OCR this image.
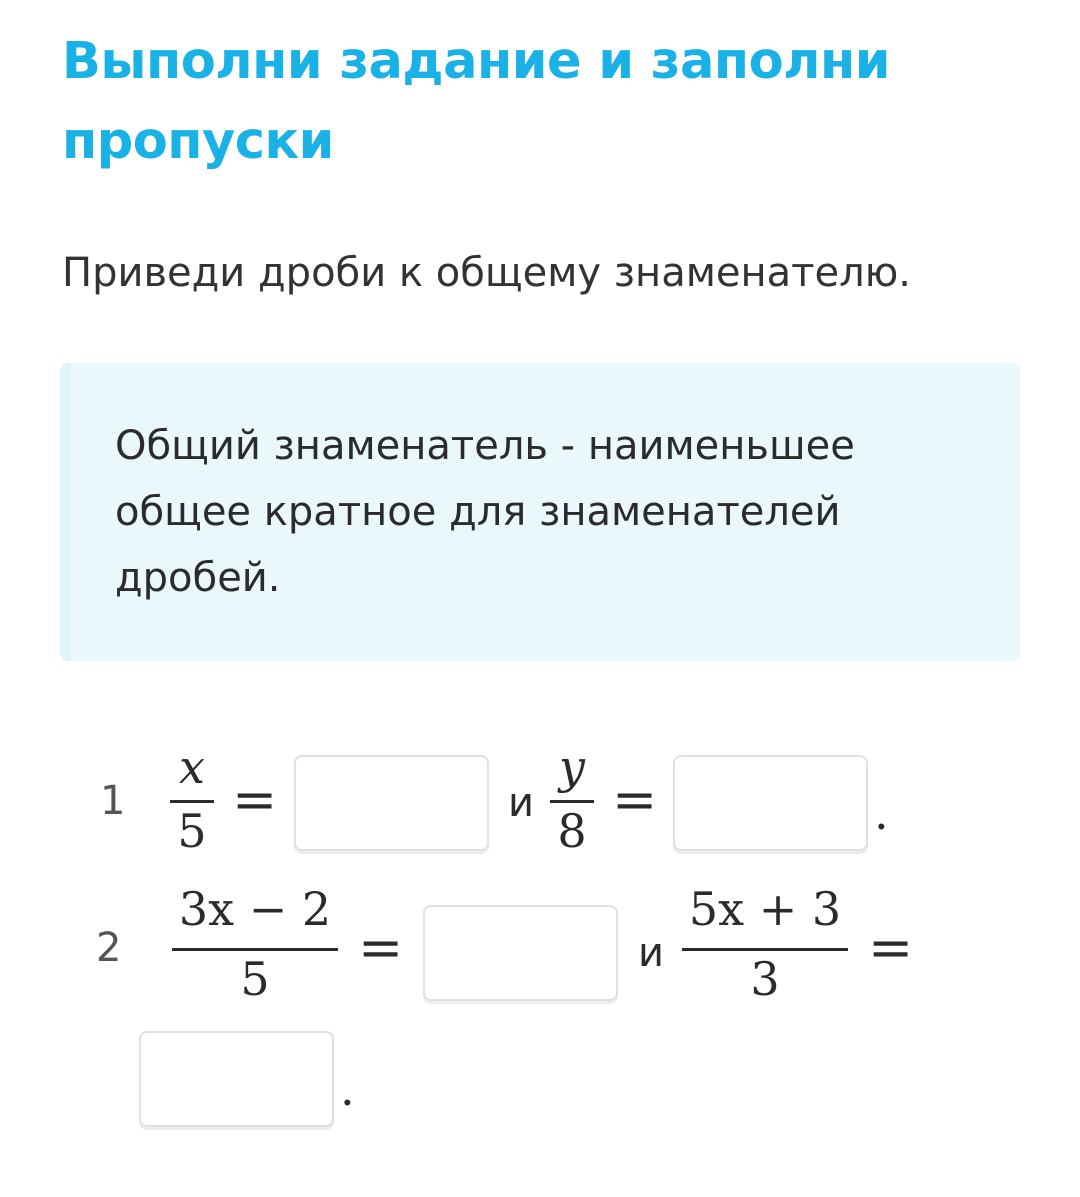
Выполни задание и заполни пропуски

Приведи дроби к общему знаменателю.

Общий знаменатель - наименьшее общее кратное для знаменателей дробей.

1
x
5 =	и
y
8 =	.
2
3x − 2
5	=	и
5x + 3
3	=
.
